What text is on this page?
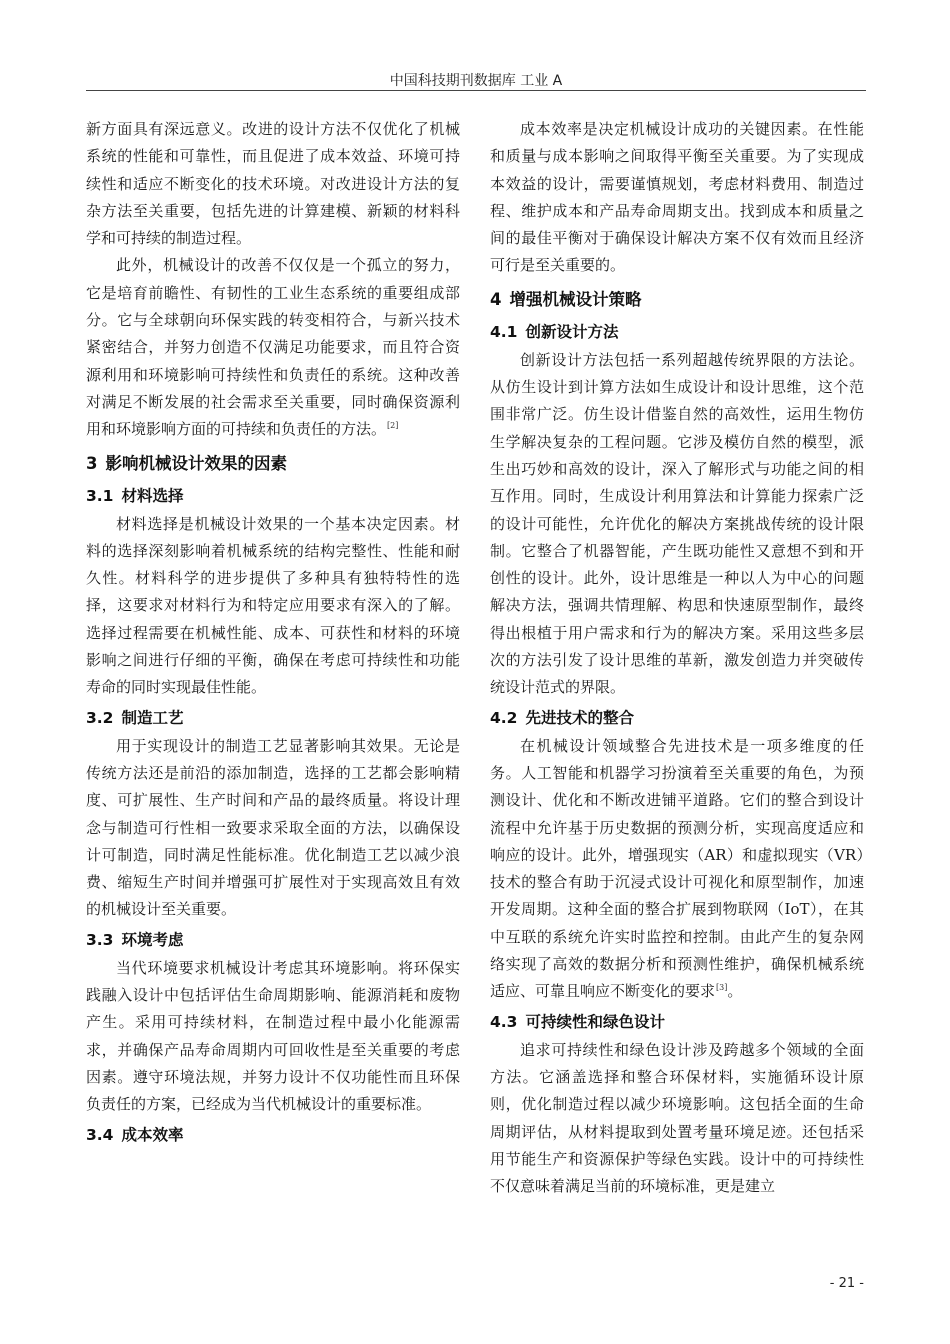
中国科技期刊数据库 工业 A

新方面具有深远意义。改进的设计方法不仅优化了机械系统的性能和可靠性，而且促进了成本效益、环境可持续性和适应不断变化的技术环境。对改进设计方法的复杂方法至关重要，包括先进的计算建模、新颖的材料科学和可持续的制造过程。

此外，机械设计的改善不仅仅是一个孤立的努力，它是培育前瞻性、有韧性的工业生态系统的重要组成部分。它与全球朝向环保实践的转变相符合，与新兴技术紧密结合，并努力创造不仅满足功能要求，而且符合资源利用和环境影响可持续性和负责任的系统。这种改善对满足不断发展的社会需求至关重要，同时确保资源利用和环境影响方面的可持续和负责任的方法。[2]

3 影响机械设计效果的因素
3.1 材料选择

材料选择是机械设计效果的一个基本决定因素。材料的选择深刻影响着机械系统的结构完整性、性能和耐久性。材料科学的进步提供了多种具有独特特性的选择，这要求对材料行为和特定应用要求有深入的了解。选择过程需要在机械性能、成本、可获性和材料的环境影响之间进行仔细的平衡，确保在考虑可持续性和功能寿命的同时实现最佳性能。

3.2 制造工艺

用于实现设计的制造工艺显著影响其效果。无论是传统方法还是前沿的添加制造，选择的工艺都会影响精度、可扩展性、生产时间和产品的最终质量。将设计理念与制造可行性相一致要求采取全面的方法，以确保设计可制造，同时满足性能标准。优化制造工艺以减少浪费、缩短生产时间并增强可扩展性对于实现高效且有效的机械设计至关重要。

3.3 环境考虑

当代环境要求机械设计考虑其环境影响。将环保实践融入设计中包括评估生命周期影响、能源消耗和废物产生。采用可持续材料，在制造过程中最小化能源需求，并确保产品寿命周期内可回收性是至关重要的考虑因素。遵守环境法规，并努力设计不仅功能性而且环保负责任的方案，已经成为当代机械设计的重要标准。

3.4 成本效率

成本效率是决定机械设计成功的关键因素。在性能和质量与成本影响之间取得平衡至关重要。为了实现成本效益的设计，需要谨慎规划，考虑材料费用、制造过程、维护成本和产品寿命周期支出。找到成本和质量之间的最佳平衡对于确保设计解决方案不仅有效而且经济可行是至关重要的。

4 增强机械设计策略
4.1 创新设计方法

创新设计方法包括一系列超越传统界限的方法论。从仿生设计到计算方法如生成设计和设计思维，这个范围非常广泛。仿生设计借鉴自然的高效性，运用生物仿生学解决复杂的工程问题。它涉及模仿自然的模型，派生出巧妙和高效的设计，深入了解形式与功能之间的相互作用。同时，生成设计利用算法和计算能力探索广泛的设计可能性，允许优化的解决方案挑战传统的设计限制。它整合了机器智能，产生既功能性又意想不到和开创性的设计。此外，设计思维是一种以人为中心的问题解决方法，强调共情理解、构思和快速原型制作，最终得出根植于用户需求和行为的解决方案。采用这些多层次的方法引发了设计思维的革新，激发创造力并突破传统设计范式的界限。

4.2 先进技术的整合

在机械设计领域整合先进技术是一项多维度的任务。人工智能和机器学习扮演着至关重要的角色，为预测设计、优化和不断改进铺平道路。它们的整合到设计流程中允许基于历史数据的预测分析，实现高度适应和响应的设计。此外，增强现实（AR）和虚拟现实（VR）技术的整合有助于沉浸式设计可视化和原型制作，加速开发周期。这种全面的整合扩展到物联网（IoT），在其中互联的系统允许实时监控和控制。由此产生的复杂网络实现了高效的数据分析和预测性维护，确保机械系统适应、可靠且响应不断变化的要求[3]。

4.3 可持续性和绿色设计

追求可持续性和绿色设计涉及跨越多个领域的全面方法。它涵盖选择和整合环保材料，实施循环设计原则，优化制造过程以减少环境影响。这包括全面的生命周期评估，从材料提取到处置考量环境足迹。还包括采用节能生产和资源保护等绿色实践。设计中的可持续性不仅意味着满足当前的环境标准，更是建立

- 21 -
